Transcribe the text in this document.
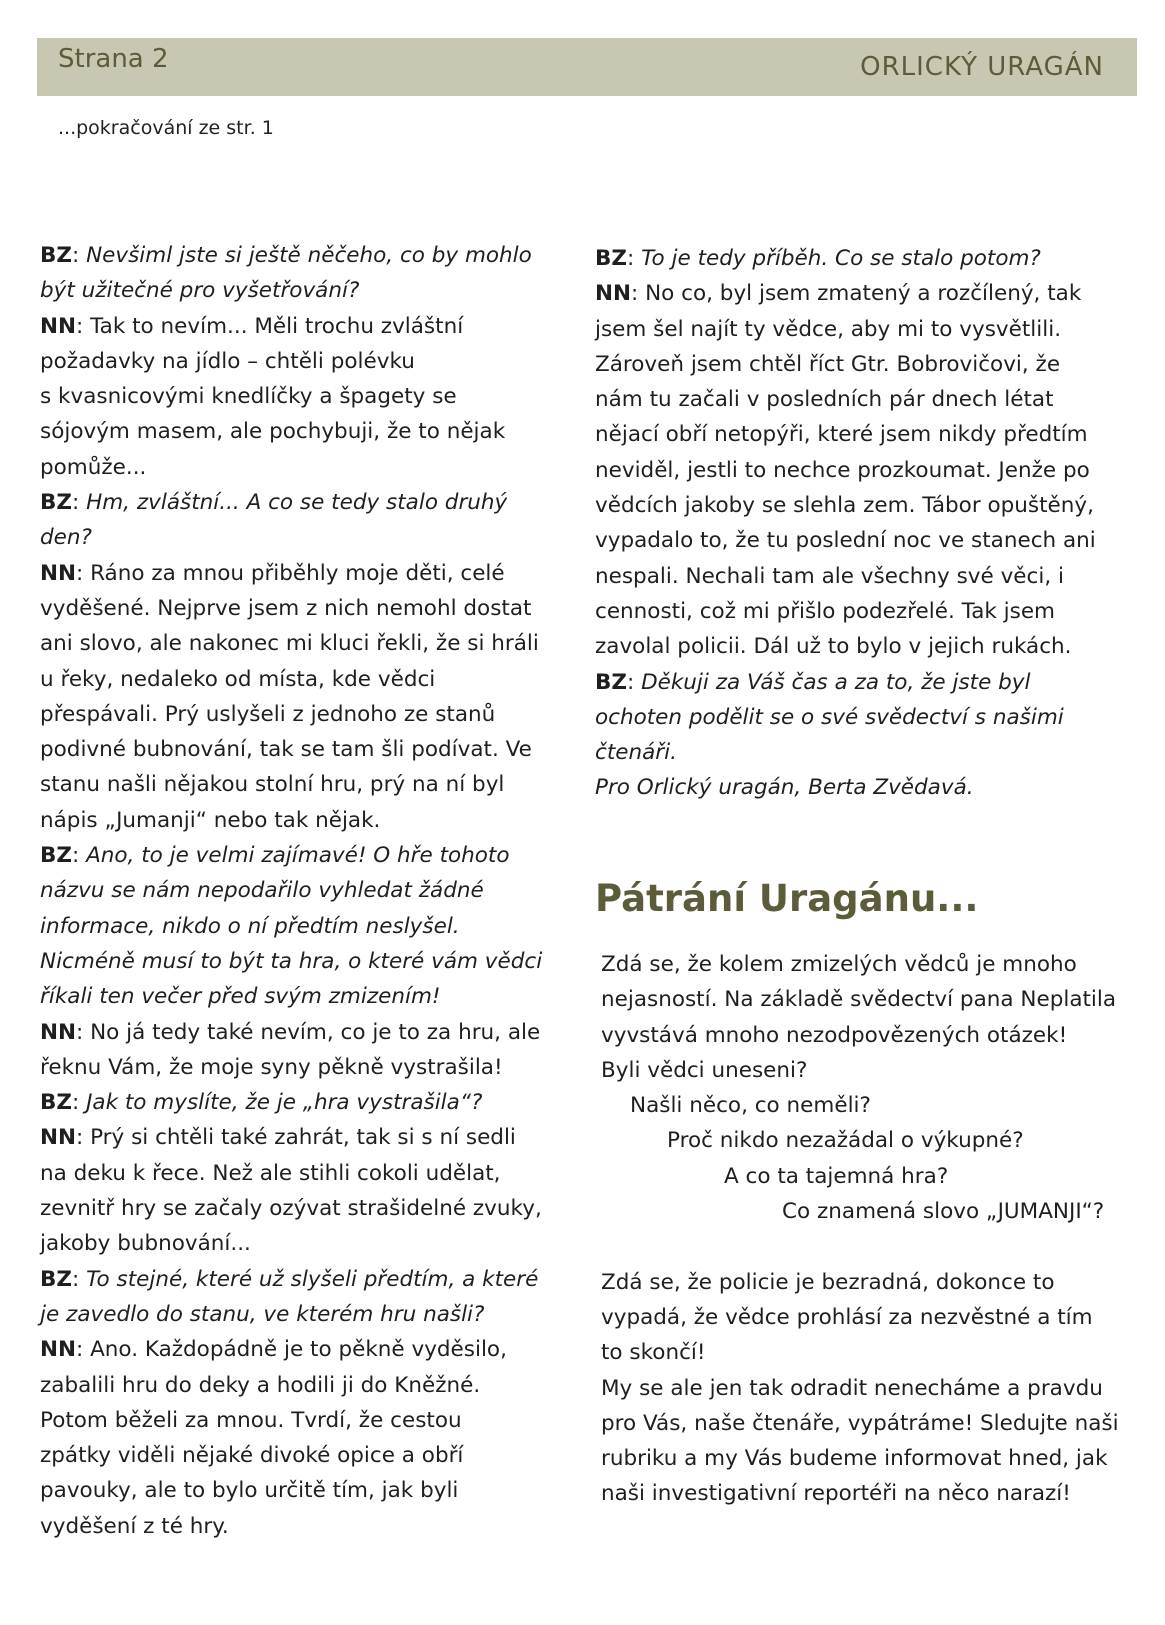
Strana 2	ORLICKÝ URAGÁN
...pokračování ze str. 1

BZ: Nevšiml jste si ještě něčeho, co by mohlo

být užitečné pro vyšetřování?

NN: Tak to nevím... Měli trochu zvláštní

požadavky na jídlo – chtěli polévku

s kvasnicovými knedlíčky a špagety se

sójovým masem, ale pochybuji, že to nějak

pomůže...

BZ: Hm, zvláštní... A co se tedy stalo druhý

den?

NN: Ráno za mnou přiběhly moje děti, celé

vyděšené. Nejprve jsem z nich nemohl dostat

ani slovo, ale nakonec mi kluci řekli, že si hráli

u řeky, nedaleko od místa, kde vědci

přespávali. Prý uslyšeli z jednoho ze stanů

podivné bubnování, tak se tam šli podívat. Ve

stanu našli nějakou stolní hru, prý na ní byl

nápis „Jumanji“ nebo tak nějak.

BZ: Ano, to je velmi zajímavé! O hře tohoto

názvu se nám nepodařilo vyhledat žádné

informace, nikdo o ní předtím neslyšel.

Nicméně musí to být ta hra, o které vám vědci

říkali ten večer před svým zmizením!

NN: No já tedy také nevím, co je to za hru, ale

řeknu Vám, že moje syny pěkně vystrašila!

BZ: Jak to myslíte, že je „hra vystrašila“?

NN: Prý si chtěli také zahrát, tak si s ní sedli

na deku k řece. Než ale stihli cokoli udělat,

zevnitř hry se začaly ozývat strašidelné zvuky,

jakoby bubnování...

BZ: To stejné, které už slyšeli předtím, a které

je zavedlo do stanu, ve kterém hru našli?

NN: Ano. Každopádně je to pěkně vyděsilo,

zabalili hru do deky a hodili ji do Kněžné.

Potom běželi za mnou. Tvrdí, že cestou

zpátky viděli nějaké divoké opice a obří

pavouky, ale to bylo určitě tím, jak byli

vyděšení z té hry.

BZ: To je tedy příběh. Co se stalo potom?

NN: No co, byl jsem zmatený a rozčílený, tak

jsem šel najít ty vědce, aby mi to vysvětlili.

Zároveň jsem chtěl říct Gtr. Bobrovičovi, že

nám tu začali v posledních pár dnech létat

nějací obří netopýři, které jsem nikdy předtím

neviděl, jestli to nechce prozkoumat. Jenže po

vědcích jakoby se slehla zem. Tábor opuštěný,

vypadalo to, že tu poslední noc ve stanech ani

nespali. Nechali tam ale všechny své věci, i

cennosti, což mi přišlo podezřelé. Tak jsem

zavolal policii. Dál už to bylo v jejich rukách.

BZ: Děkuji za Váš čas a za to, že jste byl

ochoten podělit se o své svědectví s našimi

čtenáři.

Pro Orlický uragán, Berta Zvědavá.

Pátrání Uragánu...

Zdá se, že kolem zmizelých vědců je mnoho

nejasností. Na základě svědectví pana Neplatila

vyvstává mnoho nezodpovězených otázek!

Byli vědci uneseni?

Našli něco, co neměli?

Proč nikdo nezažádal o výkupné?

A co ta tajemná hra?

Co znamená slovo „JUMANJI“?

Zdá se, že policie je bezradná, dokonce to

vypadá, že vědce prohlásí za nezvěstné a tím

to skončí!

My se ale jen tak odradit nenecháme a pravdu

pro Vás, naše čtenáře, vypátráme! Sledujte naši

rubriku a my Vás budeme informovat hned, jak

naši investigativní reportéři na něco narazí!
